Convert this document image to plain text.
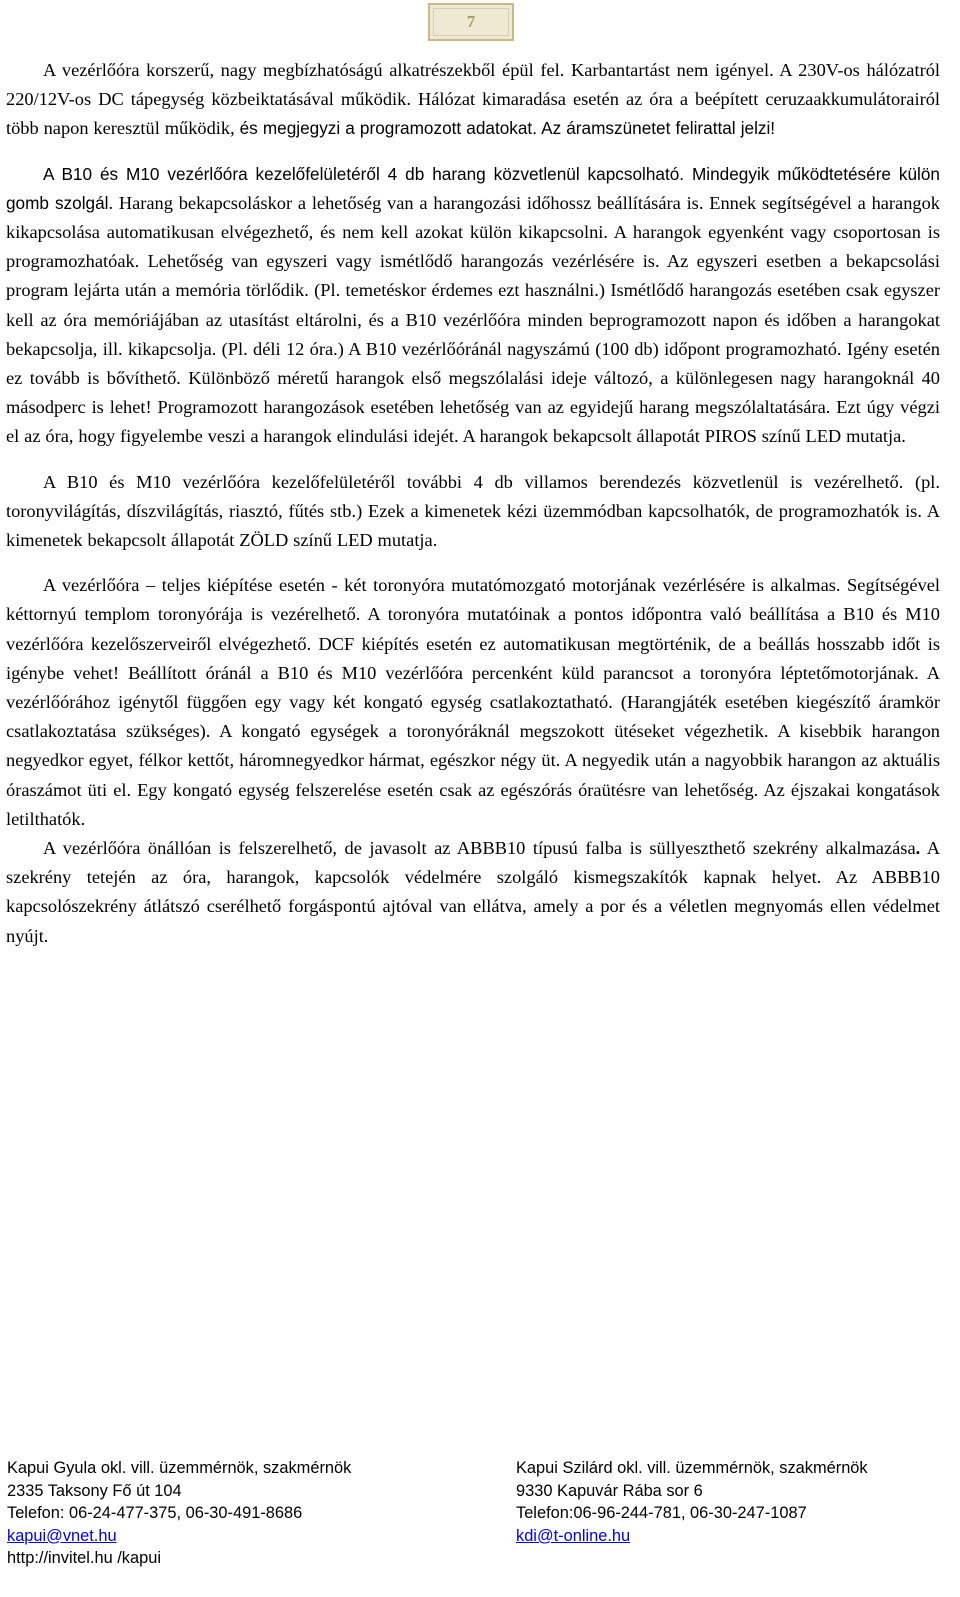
7

A vezérlőóra korszerű, nagy megbízhatóságú alkatrészekből épül fel. Karbantartást nem igényel. A 230V-os hálózatról 220/12V-os DC tápegység közbeiktatásával működik. Hálózat kimaradása esetén az óra a beépített ceruzaakkumulátorairól több napon keresztül működik, és megjegyzi a programozott adatokat. Az áramszünetet felirattal jelzi!

A B10 és M10 vezérlőóra kezelőfelületéről 4 db harang közvetlenül kapcsolható. Mindegyik működtetésére külön gomb szolgál. Harang bekapcsoláskor a lehetőség van a harangozási időhossz beállítására is. Ennek segítségével a harangok kikapcsolása automatikusan elvégezhető, és nem kell azokat külön kikapcsolni. A harangok egyenként vagy csoportosan is programozhatóak. Lehetőség van egyszeri vagy ismétlődő harangozás vezérlésére is. Az egyszeri esetben a bekapcsolási program lejárta után a memória törlődik. (Pl. temetéskor érdemes ezt használni.) Ismétlődő harangozás esetében csak egyszer kell az óra memóriájában az utasítást eltárolni, és a B10 vezérlőóra minden beprogramozott napon és időben a harangokat bekapcsolja, ill. kikapcsolja. (Pl. déli 12 óra.) A B10 vezérlőóránál nagyszámú (100 db) időpont programozható. Igény esetén ez tovább is bővíthető. Különböző méretű harangok első megszólalási ideje változó, a különlegesen nagy harangoknál 40 másodperc is lehet! Programozott harangozások esetében lehetőség van az egyidejű harang megszólaltatására. Ezt úgy végzi el az óra, hogy figyelembe veszi a harangok elindulási idejét. A harangok bekapcsolt állapotát PIROS színű LED mutatja.

A B10 és M10 vezérlőóra kezelőfelületéről további 4 db villamos berendezés közvetlenül is vezérelhető. (pl. toronyvilágítás, díszvilágítás, riasztó, fűtés stb.) Ezek a kimenetek kézi üzemmódban kapcsolhatók, de programozhatók is. A kimenetek bekapcsolt állapotát ZÖLD színű LED mutatja.

A vezérlőóra – teljes kiépítése esetén - két toronyóra mutatómozgató motorjának vezérlésére is alkalmas. Segítségével kéttornyú templom toronyórája is vezérelhető. A toronyóra mutatóinak a pontos időpontra való beállítása a B10 és M10 vezérlőóra kezelőszerveiről elvégezhető. DCF kiépítés esetén ez automatikusan megtörténik, de a beállás hosszabb időt is igénybe vehet! Beállított óránál a B10 és M10 vezérlőóra percenként küld parancsot a toronyóra léptetőmotorjának. A vezérlőórához igénytől függően egy vagy két kongató egység csatlakoztatható. (Harangjáték esetében kiegészítő áramkör csatlakoztatása szükséges). A kongató egységek a toronyóráknál megszokott ütéseket végezhetik. A kisebbik harangon negyedkor egyet, félkor kettőt, háromnegyedkor hármat, egészkor négy üt. A negyedik után a nagyobbik harangon az aktuális óraszámot üti el. Egy kongató egység felszerelése esetén csak az egészórás óraütésre van lehetőség. Az éjszakai kongatások letilthatók.

A vezérlőóra önállóan is felszerelhető, de javasolt az ABBB10 típusú falba is süllyeszthető szekrény alkalmazása. A szekrény tetején az óra, harangok, kapcsolók védelmére szolgáló kismegszakítók kapnak helyet. Az ABBB10 kapcsolószekrény átlátszó cserélhető forgáspontú ajtóval van ellátva, amely a por és a véletlen megnyomás ellen védelmet nyújt.

Kapui Gyula okl. vill. üzemmérnök, szakmérnök
2335 Taksony Fő út 104
Telefon: 06-24-477-375, 06-30-491-8686
kapui@vnet.hu
http://invitel.hu /kapui
Kapui Szilárd okl. vill. üzemmérnök, szakmérnök
9330 Kapuvár Rába sor 6
Telefon:06-96-244-781, 06-30-247-1087
kdi@t-online.hu
